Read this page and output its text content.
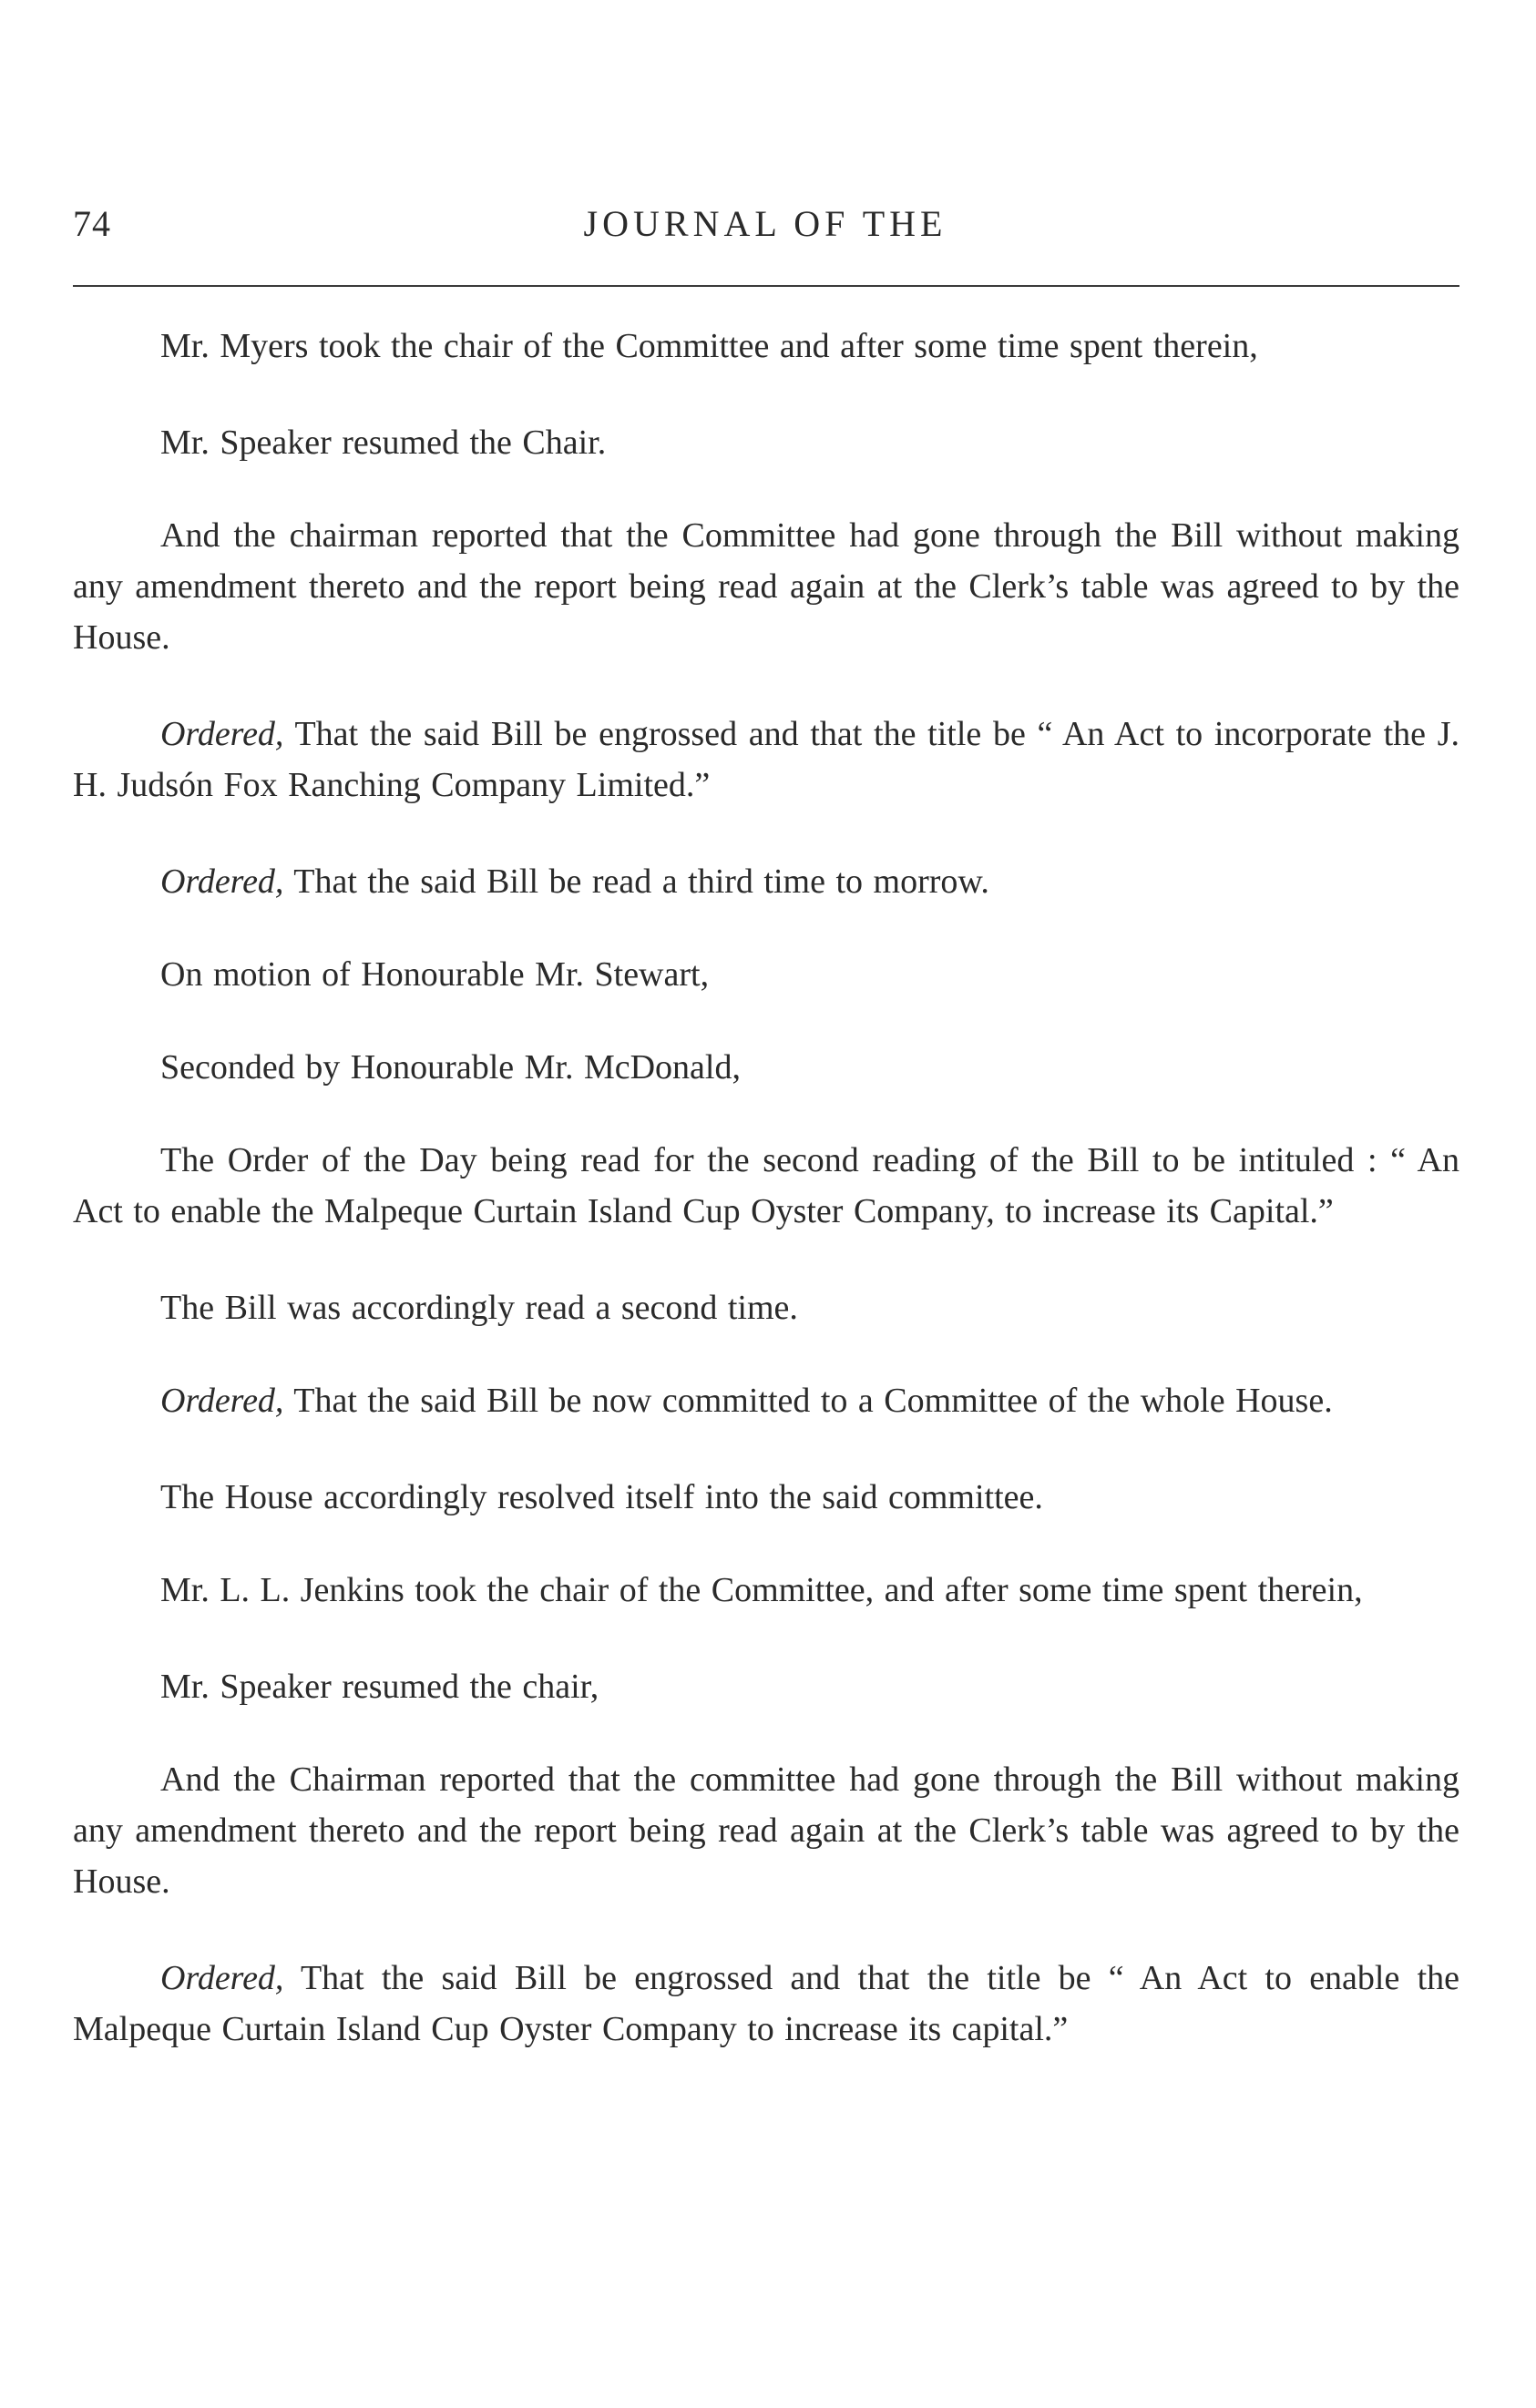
74	JOURNAL OF THE

Mr. Myers took the chair of the Committee and after some time spent therein,

Mr. Speaker resumed the Chair.

And the chairman reported that the Committee had gone through the Bill without making any amendment thereto and the report being read again at the Clerk’s table was agreed to by the House.

Ordered, That the said Bill be engrossed and that the title be “ An Act to incorporate the J. H. Judsón Fox Ranching Company Limited.”

Ordered, That the said Bill be read a third time to morrow.

On motion of Honourable Mr. Stewart,

Seconded by Honourable Mr. McDonald,

The Order of the Day being read for the second reading of the Bill to be intituled : “ An Act to enable the Malpeque Curtain Island Cup Oyster Company, to increase its Capital.”

The Bill was accordingly read a second time.

Ordered, That the said Bill be now committed to a Committee of the whole House.

The House accordingly resolved itself into the said committee.

Mr. L. L. Jenkins took the chair of the Committee, and after some time spent therein,

Mr. Speaker resumed the chair,

And the Chairman reported that the committee had gone through the Bill without making any amendment thereto and the report being read again at the Clerk’s table was agreed to by the House.

Ordered, That the said Bill be engrossed and that the title be “ An Act to enable the Malpeque Curtain Island Cup Oyster Company to increase its capital.”
